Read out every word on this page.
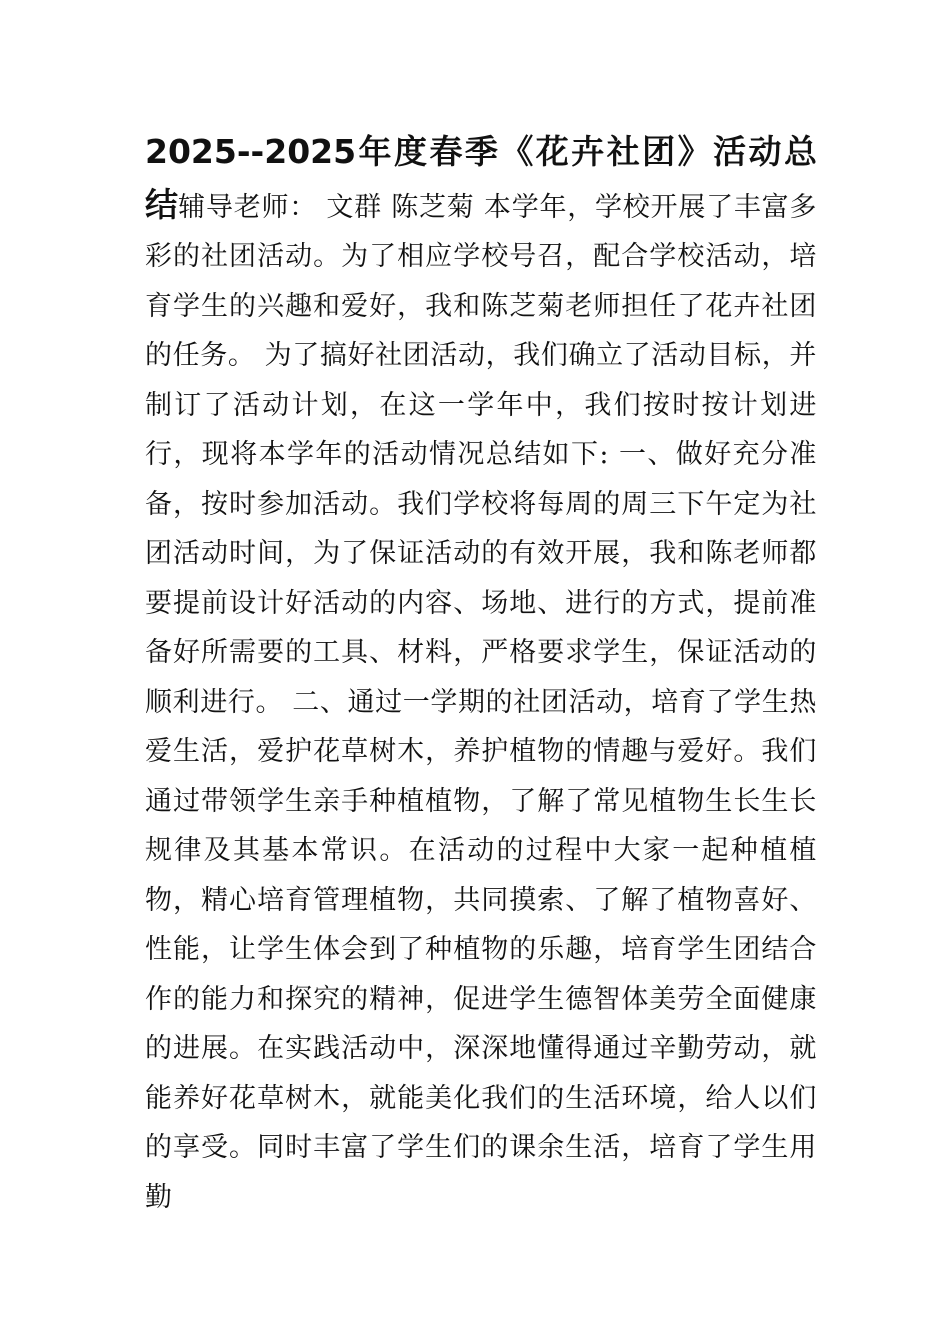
2025--2025年度春季《花卉社团》活动总结辅导老师： 文群 陈芝菊 本学年，学校开展了丰富多彩的社团活动。为了相应学校号召，配合学校活动，培育学生的兴趣和爱好，我和陈芝菊老师担任了花卉社团的任务。 为了搞好社团活动，我们确立了活动目标，并制订了活动计划，在这一学年中，我们按时按计划进行，现将本学年的活动情况总结如下: 一、做好充分准备，按时参加活动。我们学校将每周的周三下午定为社团活动时间，为了保证活动的有效开展，我和陈老师都要提前设计好活动的内容、场地、进行的方式，提前准备好所需要的工具、材料，严格要求学生，保证活动的顺利进行。 二、通过一学期的社团活动，培育了学生热爱生活，爱护花草树木，养护植物的情趣与爱好。我们通过带领学生亲手种植植物，了解了常见植物生长生长规律及其基本常识。在活动的过程中大家一起种植植物，精心培育管理植物，共同摸索、了解了植物喜好、性能，让学生体会到了种植物的乐趣，培育学生团结合作的能力和探究的精神，促进学生德智体美劳全面健康的进展。在实践活动中，深深地懂得通过辛勤劳动，就能养好花草树木，就能美化我们的生活环境，给人以们的享受。同时丰富了学生们的课余生活，培育了学生用勤
